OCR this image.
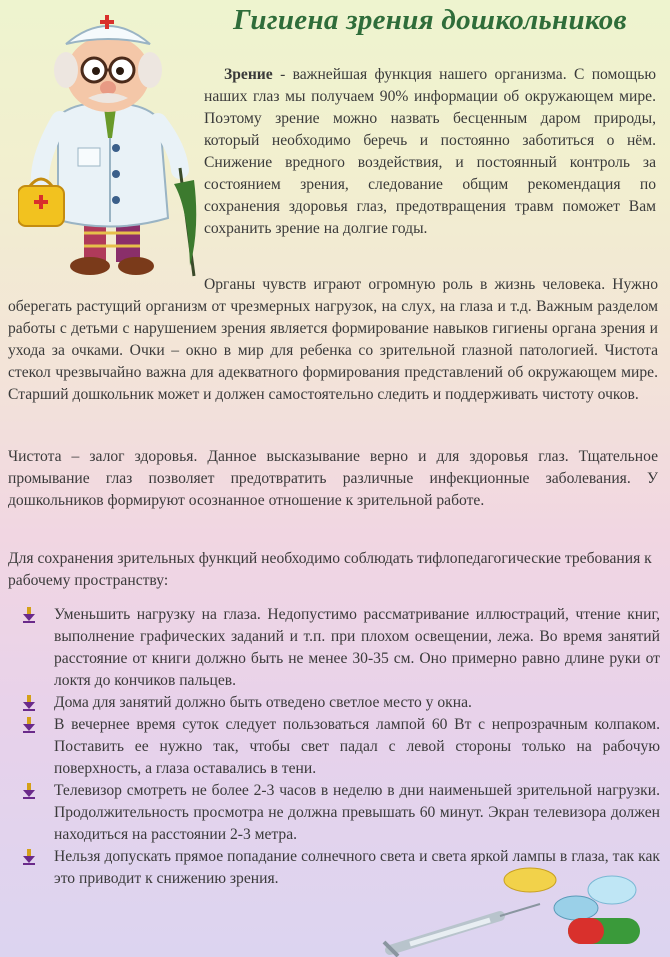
Гигиена зрения дошкольников

Зрение - важнейшая функция нашего организма. С помощью наших глаз мы получаем 90% информации об окружающем мире. Поэтому зрение можно назвать бесценным даром природы, который необходимо беречь и постоянно заботиться о нём. Снижение вредного воздействия, и постоянный контроль за состоянием зрения, следование общим рекомендация по сохранения здоровья глаз, предотвращения травм поможет Вам сохранить зрение на долгие годы.

Органы чувств играют огромную роль в жизнь человека. Нужно оберегать растущий организм от чрезмерных нагрузок, на слух, на глаза и т.д. Важным разделом работы с детьми с нарушением зрения является формирование навыков гигиены органа зрения и ухода за очками. Очки – окно в мир для ребенка со зрительной глазной патологией. Чистота стекол чрезвычайно важна для адекватного формирования представлений об окружающем мире. Старший дошкольник может и должен самостоятельно следить и поддерживать чистоту очков.

Чистота – залог здоровья. Данное высказывание верно и для здоровья глаз. Тщательное промывание глаз позволяет предотвратить различные инфекционные заболевания. У дошкольников формируют осознанное отношение к зрительной работе.

Для сохранения зрительных функций необходимо соблюдать тифлопедагогические требования к рабочему пространству:

Уменьшить нагрузку на глаза. Недопустимо рассматривание иллюстраций, чтение книг, выполнение графических заданий и т.п. при плохом освещении, лежа. Во время занятий расстояние от книги должно быть не менее 30-35 см. Оно примерно равно длине руки от локтя до кончиков пальцев.
Дома для занятий должно быть отведено светлое место у окна.
В вечернее время суток следует пользоваться лампой 60 Вт с непрозрачным колпаком. Поставить ее нужно так, чтобы свет падал с левой стороны только на рабочую поверхность, а глаза оставались в тени.
Телевизор смотреть не более 2-3 часов в неделю в дни наименьшей зрительной нагрузки. Продолжительность просмотра не должна превышать 60 минут. Экран телевизора должен находиться на расстоянии 2-3 метра.
Нельзя допускать прямое попадание солнечного света и света яркой лампы в глаза, так как это приводит к снижению зрения.
